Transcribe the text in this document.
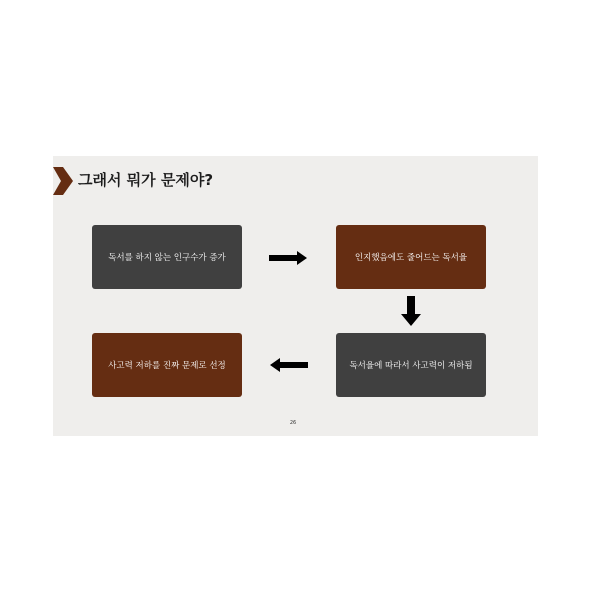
그래서 뭐가 문제야?
독서를 하지 않는 인구수가 증가	인지했음에도 줄어드는 독서율
독서율에 따라서 사고력이 저하됨
사고력 저하를 진짜 문제로 선정
26
